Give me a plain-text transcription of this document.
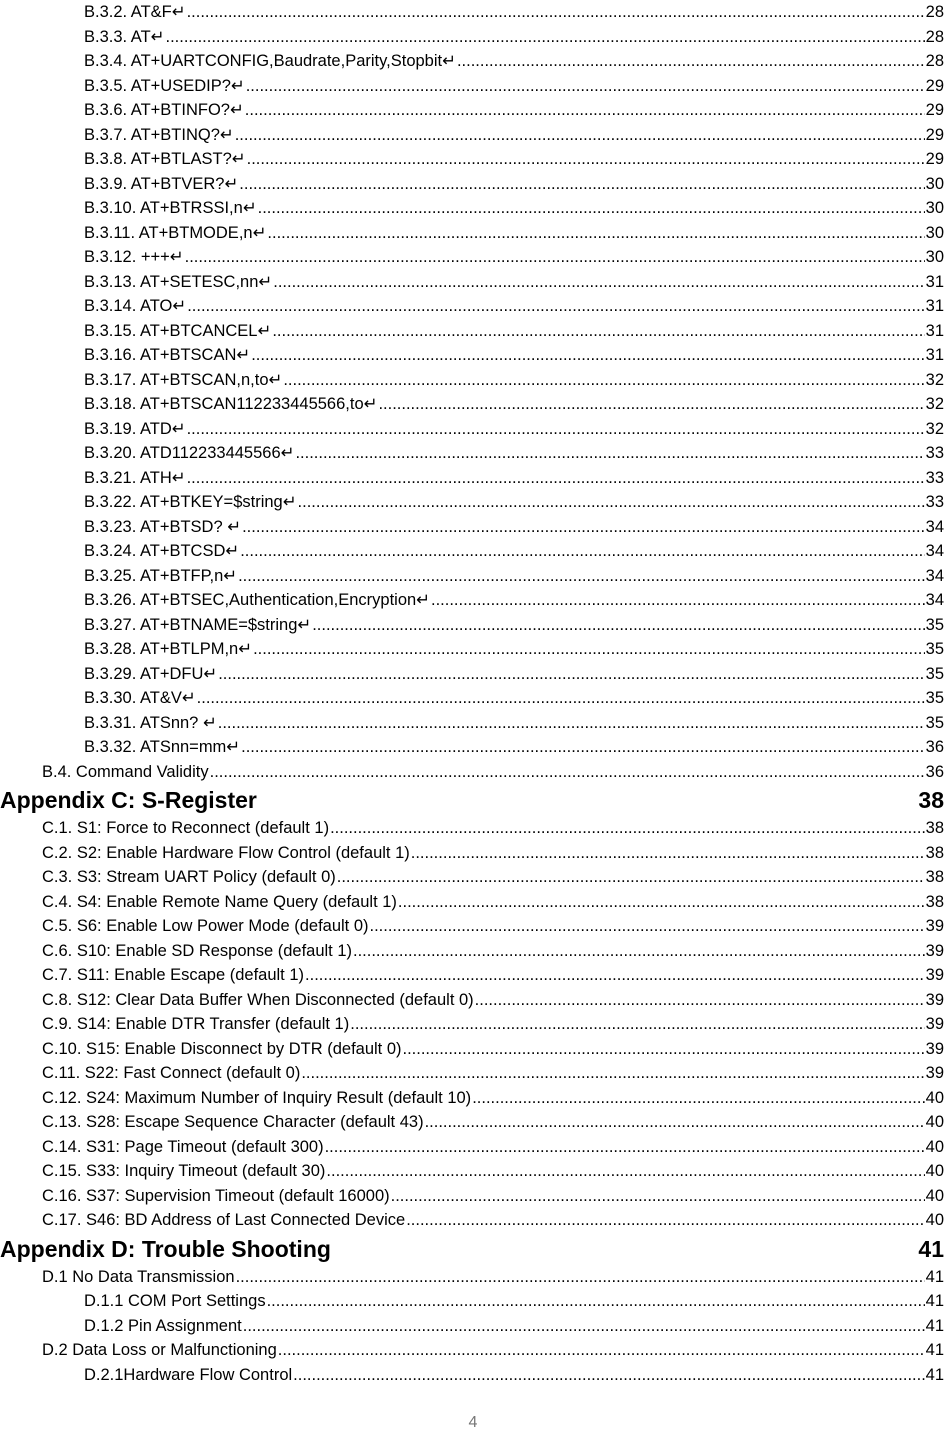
B.3.2. AT&F↵ .....	28
B.3.3. AT↵ .....	28
B.3.4. AT+UARTCONFIG,Baudrate,Parity,Stopbit↵ .....	28
B.3.5. AT+USEDIP?↵ .....	29
B.3.6. AT+BTINFO?↵ .....	29
B.3.7. AT+BTINQ?↵ .....	29
B.3.8. AT+BTLAST?↵ .....	29
B.3.9. AT+BTVER?↵ .....	30
B.3.10. AT+BTRSSI,n↵ .....	30
B.3.11. AT+BTMODE,n↵ .....	30
B.3.12. +++↵ .....	30
B.3.13. AT+SETESC,nn↵ .....	31
B.3.14. ATO↵ .....	31
B.3.15. AT+BTCANCEL↵ .....	31
B.3.16. AT+BTSCAN↵ .....	31
B.3.17. AT+BTSCAN,n,to↵ .....	32
B.3.18. AT+BTSCAN112233445566,to↵ .....	32
B.3.19. ATD↵ .....	32
B.3.20. ATD112233445566↵ .....	33
B.3.21. ATH↵ .....	33
B.3.22. AT+BTKEY=$string↵ .....	33
B.3.23. AT+BTSD? ↵ .....	34
B.3.24. AT+BTCSD↵ .....	34
B.3.25. AT+BTFP,n↵ .....	34
B.3.26. AT+BTSEC,Authentication,Encryption↵ .....	34
B.3.27. AT+BTNAME=$string↵ .....	35
B.3.28. AT+BTLPM,n↵ .....	35
B.3.29. AT+DFU↵ .....	35
B.3.30. AT&V↵ .....	35
B.3.31. ATSnn? ↵ .....	35
B.3.32. ATSnn=mm↵ .....	36
B.4. Command Validity .....	36
Appendix C: S-Register	38
C.1. S1: Force to Reconnect (default 1) .....	38
C.2. S2: Enable Hardware Flow Control (default 1) .....	38
C.3. S3: Stream UART Policy (default 0) .....	38
C.4. S4: Enable Remote Name Query (default 1) .....	38
C.5. S6: Enable Low Power Mode (default 0) .....	39
C.6. S10: Enable SD Response (default 1) .....	39
C.7. S11: Enable Escape (default 1) .....	39
C.8. S12: Clear Data Buffer When Disconnected (default 0) .....	39
C.9. S14: Enable DTR Transfer (default 1) .....	39
C.10. S15: Enable Disconnect by DTR (default 0) .....	39
C.11. S22: Fast Connect (default 0) .....	39
C.12. S24: Maximum Number of Inquiry Result (default 10) .....	40
C.13. S28: Escape Sequence Character (default 43) .....	40
C.14. S31: Page Timeout (default 300) .....	40
C.15. S33: Inquiry Timeout (default 30) .....	40
C.16. S37: Supervision Timeout (default 16000) .....	40
C.17. S46: BD Address of Last Connected Device .....	40
Appendix D: Trouble Shooting	41
D.1 No Data Transmission .....	41
D.1.1 COM Port Settings .....	41
D.1.2 Pin Assignment .....	41
D.2 Data Loss or Malfunctioning .....	41
D.2.1Hardware Flow Control .....	41
4
